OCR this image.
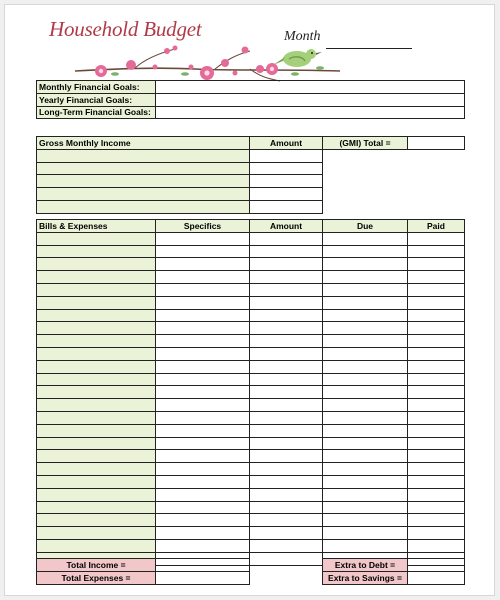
Household Budget	Month
Monthly Financial Goals:	
Yearly Financial Goals:	
Long-Term Financial Goals:	
Gross Monthly Income	Amount	(GMI) Total =	

Bills & Expenses	Specifics	Amount	Due	Paid

Total Income =			Extra to Debt =	
Total Expenses =			Extra to Savings =	
